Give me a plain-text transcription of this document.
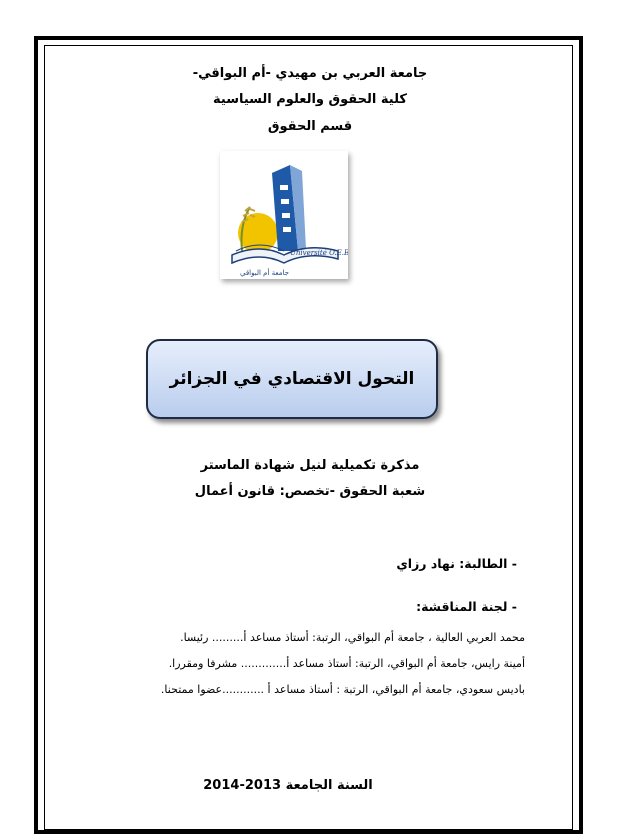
جامعة العربي بن مهيدي -أم البواقي-
كلية الحقوق والعلوم السياسية
قسم الحقوق
جامعة أم البواقي
Université O.E.B
التحول الاقتصادي في الجزائر
مذكرة تكميلية لنيل شهادة الماستر
شعبة الحقوق -تخصص: قانون أعمال
- الطالبة: نهاد رزاي
- لجنة المناقشة:
محمد العربي العالية ، جامعة أم البواقي، الرتبة: أستاذ مساعد أ......... رئيسا.
أمينة رايس، جامعة أم البواقي، الرتبة: أستاذ مساعد أ............. مشرفا ومقررا.
باديس سعودي، جامعة أم البواقي، الرتبة : أستاذ مساعد أ ............عضوا ممتحنا.
السنة الجامعة 2013-2014
